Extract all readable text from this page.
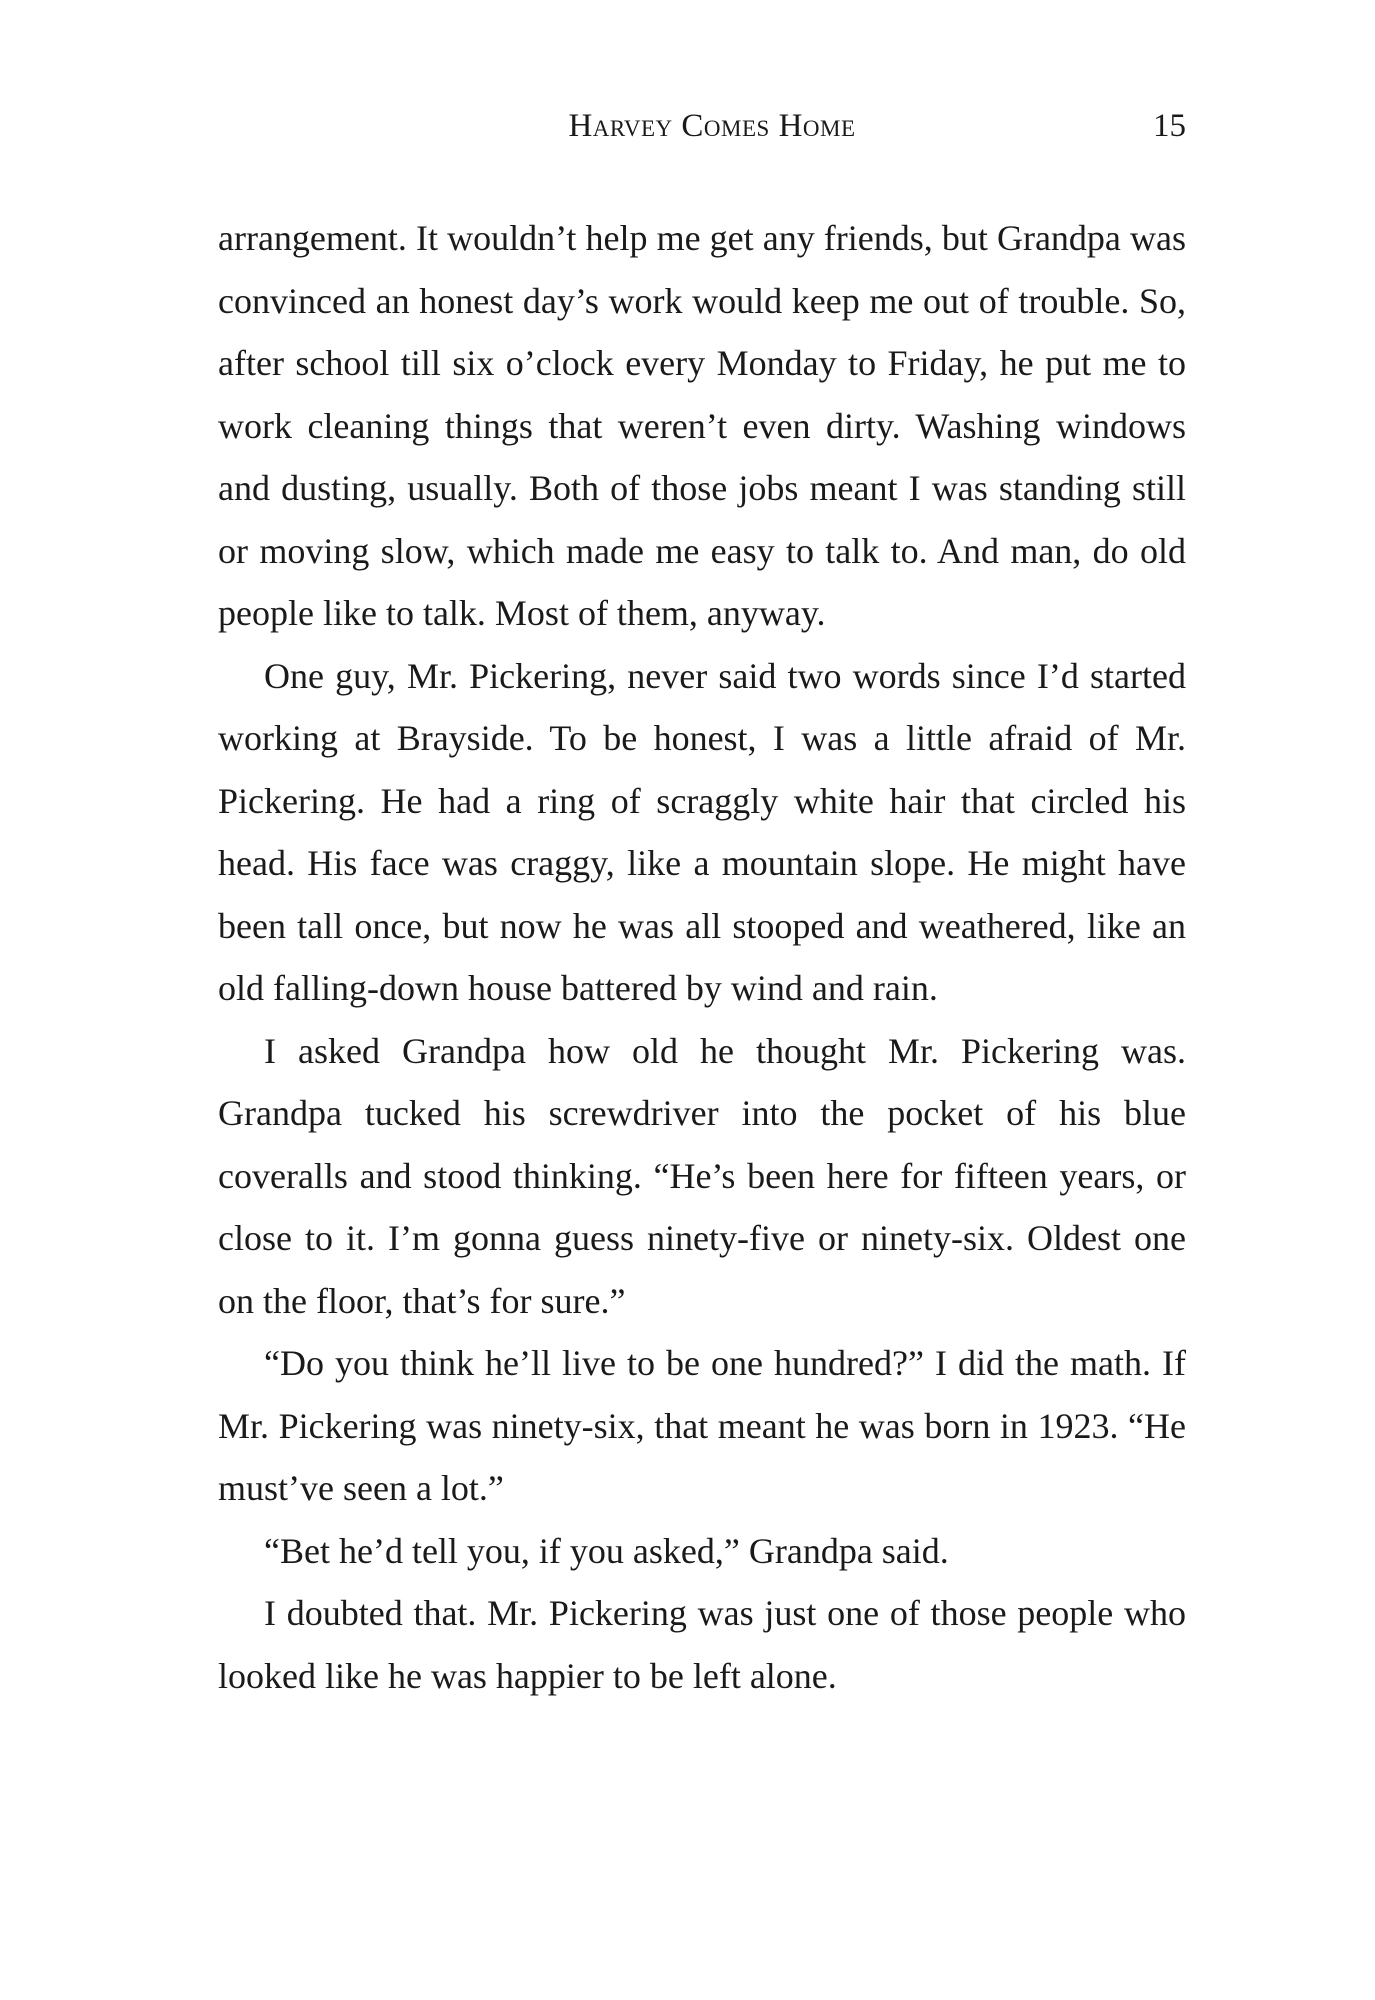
Harvey Comes Home	15

arrangement. It wouldn’t help me get any friends, but Grandpa was convinced an honest day’s work would keep me out of trouble. So, after school till six o’clock every Monday to Friday, he put me to work cleaning things that weren’t even dirty. Washing windows and dusting, usually. Both of those jobs meant I was standing still or moving slow, which made me easy to talk to. And man, do old people like to talk. Most of them, anyway.

One guy, Mr. Pickering, never said two words since I’d started working at Brayside. To be honest, I was a little afraid of Mr. Pickering. He had a ring of scraggly white hair that circled his head. His face was craggy, like a mountain slope. He might have been tall once, but now he was all stooped and weathered, like an old falling-down house battered by wind and rain.

I asked Grandpa how old he thought Mr. Pickering was. Grandpa tucked his screwdriver into the pocket of his blue coveralls and stood thinking. “He’s been here for fifteen years, or close to it. I’m gonna guess ninety-five or ninety-six. Oldest one on the floor, that’s for sure.”

“Do you think he’ll live to be one hundred?” I did the math. If Mr. Pickering was ninety-six, that meant he was born in 1923. “He must’ve seen a lot.”

“Bet he’d tell you, if you asked,” Grandpa said.

I doubted that. Mr. Pickering was just one of those people who looked like he was happier to be left alone.
